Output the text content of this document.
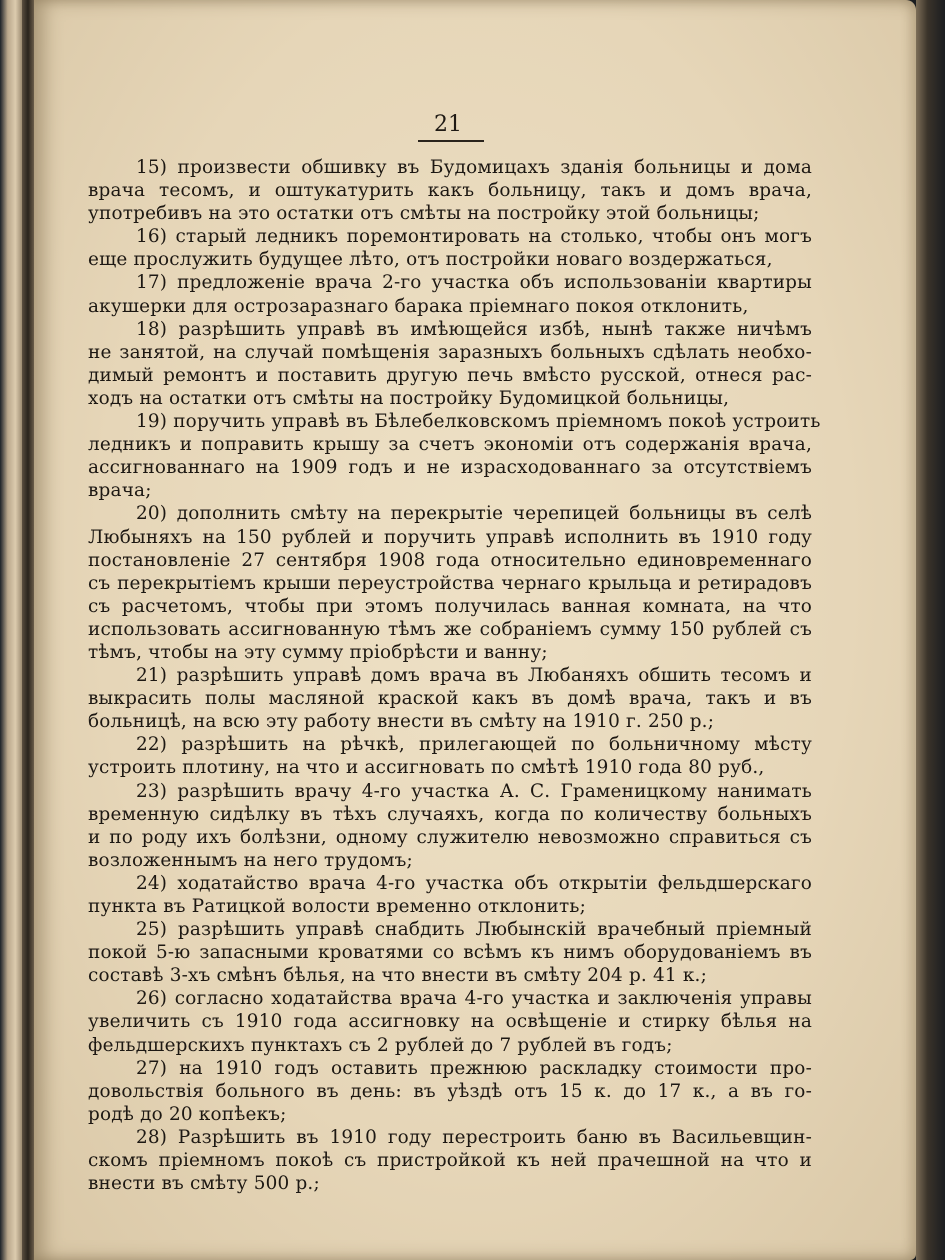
21
15) произвести обшивку въ Будомицахъ зданія больницы и дома
врача тесомъ, и оштукатурить какъ больницу, такъ и домъ врача,
употребивъ на это остатки отъ смѣты на постройку этой больницы;
16) старый ледникъ поремонтировать на столько, чтобы онъ могъ
еще прослужить будущее лѣто, отъ постройки новаго воздержаться,
17) предложеніе врача 2-го участка объ использованіи квартиры
акушерки для острозаразнаго барака пріемнаго покоя отклонить,
18) разрѣшить управѣ въ имѣющейся избѣ, нынѣ также ничѣмъ
не занятой, на случай помѣщенія заразныхъ больныхъ сдѣлать необхо-
димый ремонтъ и поставить другую печь вмѣсто русской, отнеся рас-
ходъ на остатки отъ смѣты на постройку Будомицкой больницы,
19) поручить управѣ въ Бѣлебелковскомъ пріемномъ покоѣ устроить
ледникъ и поправить крышу за счетъ экономіи отъ содержанія врача,
ассигнованнаго на 1909 годъ и не израсходованнаго за отсутствіемъ
врача;
20) дополнить смѣту на перекрытіе черепицей больницы въ селѣ
Любыняхъ на 150 рублей и поручить управѣ исполнить въ 1910 году
постановленіе 27 сентября 1908 года относительно единовременнаго
съ перекрытіемъ крыши переустройства чернаго крыльца и ретирадовъ
съ расчетомъ, чтобы при этомъ получилась ванная комната, на что
использовать ассигнованную тѣмъ же собраніемъ сумму 150 рублей съ
тѣмъ, чтобы на эту сумму пріобрѣсти и ванну;
21) разрѣшить управѣ домъ врача въ Любаняхъ обшить тесомъ и
выкрасить полы масляной краской какъ въ домѣ врача, такъ и въ
больницѣ, на всю эту работу внести въ смѣту на 1910 г. 250 р.;
22) разрѣшить на рѣчкѣ, прилегающей по больничному мѣсту
устроить плотину, на что и ассигновать по смѣтѣ 1910 года 80 руб.,
23) разрѣшить врачу 4-го участка А. С. Граменицкому нанимать
временную сидѣлку въ тѣхъ случаяхъ, когда по количеству больныхъ
и по роду ихъ болѣзни, одному служителю невозможно справиться съ
возложеннымъ на него трудомъ;
24) ходатайство врача 4-го участка объ открытіи фельдшерскаго
пункта въ Ратицкой волости временно отклонить;
25) разрѣшить управѣ снабдить Любынскій врачебный пріемный
покой 5-ю запасными кроватями со всѣмъ къ нимъ оборудованіемъ въ
составѣ 3-хъ смѣнъ бѣлья, на что внести въ смѣту 204 р. 41 к.;
26) согласно ходатайства врача 4-го участка и заключенія управы
увеличить съ 1910 года ассигновку на освѣщеніе и стирку бѣлья на
фельдшерскихъ пунктахъ съ 2 рублей до 7 рублей въ годъ;
27) на 1910 годъ оставить прежнюю раскладку стоимости про-
довольствія больного въ день: въ уѣздѣ отъ 15 к. до 17 к., а въ го-
родѣ до 20 копѣекъ;
28) Разрѣшить въ 1910 году перестроить баню въ Васильевщин-
скомъ пріемномъ покоѣ съ пристройкой къ ней прачешной на что и
внести въ смѣту 500 р.;
